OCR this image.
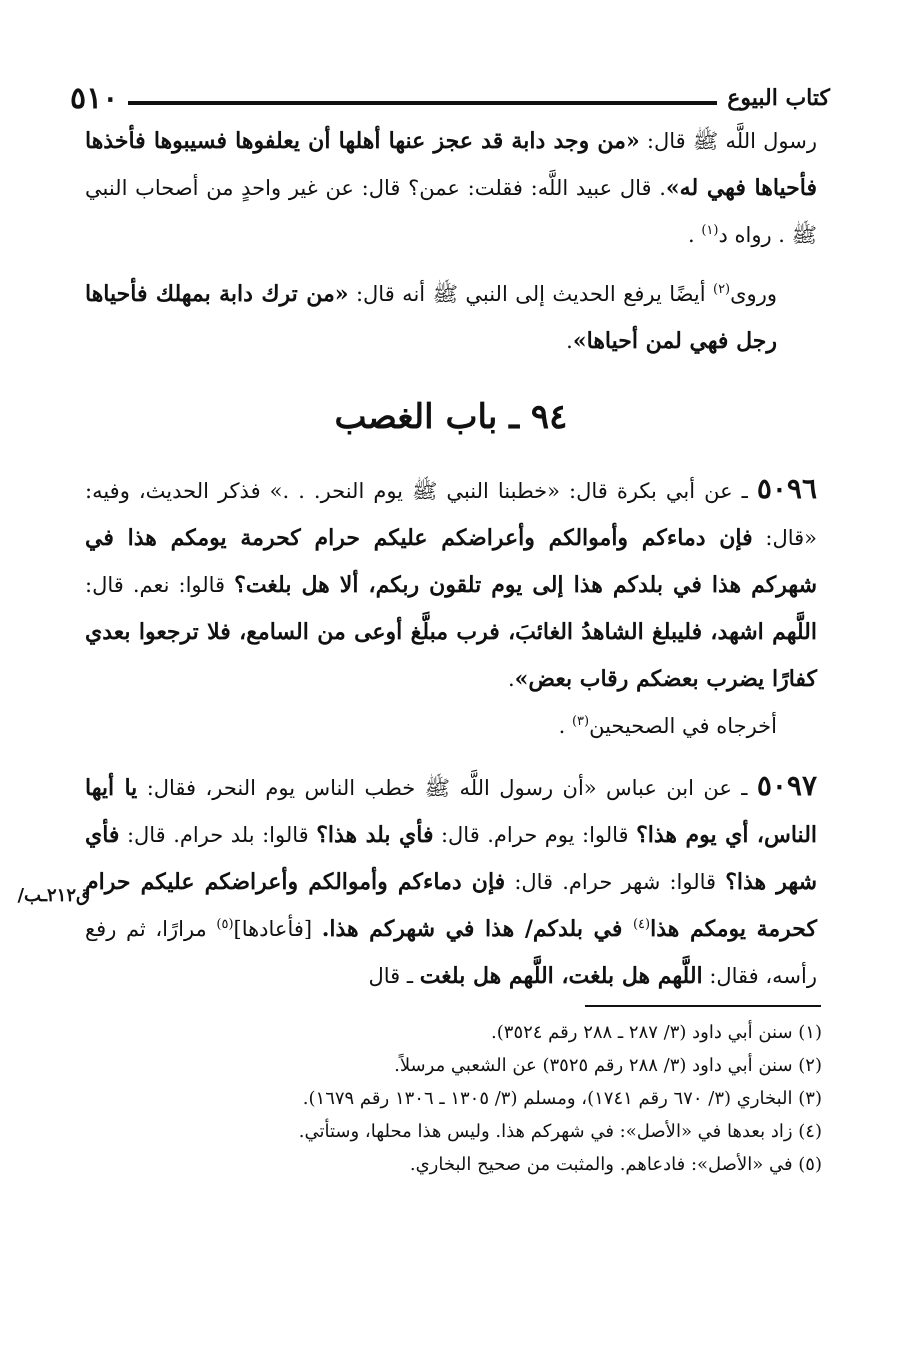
كتاب البيوع
٥١٠

رسول اللَّه ﷺ قال: «من وجد دابة قد عجز عنها أهلها أن يعلفوها فسيبوها فأخذها فأحياها فهي له». قال عبيد اللَّه: فقلت: عمن؟ قال: عن غير واحدٍ من أصحاب النبي ﷺ . رواه د$^{(١)}$ .

وروى$^{(٢)}$ أيضًا يرفع الحديث إلى النبي ﷺ أنه قال: «من ترك دابة بمهلك فأحياها رجل فهي لمن أحياها».

٩٤ ـ باب الغصب

٥٠٩٦ ـ عن أبي بكرة قال: «خطبنا النبي ﷺ يوم النحر. . .» فذكر الحديث، وفيه: «قال: فإن دماءكم وأموالكم وأعراضكم عليكم حرام كحرمة يومكم هذا في شهركم هذا في بلدكم هذا إلى يوم تلقون ربكم، ألا هل بلغت؟ قالوا: نعم. قال: اللَّهم اشهد، فليبلغ الشاهدُ الغائبَ، فرب مبلَّغ أوعى من السامع، فلا ترجعوا بعدي كفارًا يضرب بعضكم رقاب بعض».

أخرجاه في الصحيحين$^{(٣)}$ .

٥٠٩٧ ـ عن ابن عباس «أن رسول اللَّه ﷺ خطب الناس يوم النحر، فقال: يا أيها الناس، أي يوم هذا؟ قالوا: يوم حرام. قال: فأي بلد هذا؟ قالوا: بلد حرام. قال: فأي شهر هذا؟ قالوا: شهر حرام. قال: فإن دماءكم وأموالكم وأعراضكم عليكم حرام كحرمة يومكم هذا$^{(٤)}$ في بلدكم/ هذا في شهركم هذا. [فأعادها]$^{(٥)}$ مرارًا، ثم رفع رأسه، فقال: اللَّهم هل بلغت، اللَّهم هل بلغت ـ قال

ق٢١٢ـب/

(١) سنن أبي داود (٣/ ٢٨٧ ـ ٢٨٨ رقم ٣٥٢٤).

(٢) سنن أبي داود (٣/ ٢٨٨ رقم ٣٥٢٥) عن الشعبي مرسلاً.

(٣) البخاري (٣/ ٦٧٠ رقم ١٧٤١)، ومسلم (٣/ ١٣٠٥ ـ ١٣٠٦ رقم ١٦٧٩).

(٤) زاد بعدها في «الأصل»: في شهركم هذا. وليس هذا محلها، وستأتي.

(٥) في «الأصل»: فادعاهم. والمثبت من صحيح البخاري.
